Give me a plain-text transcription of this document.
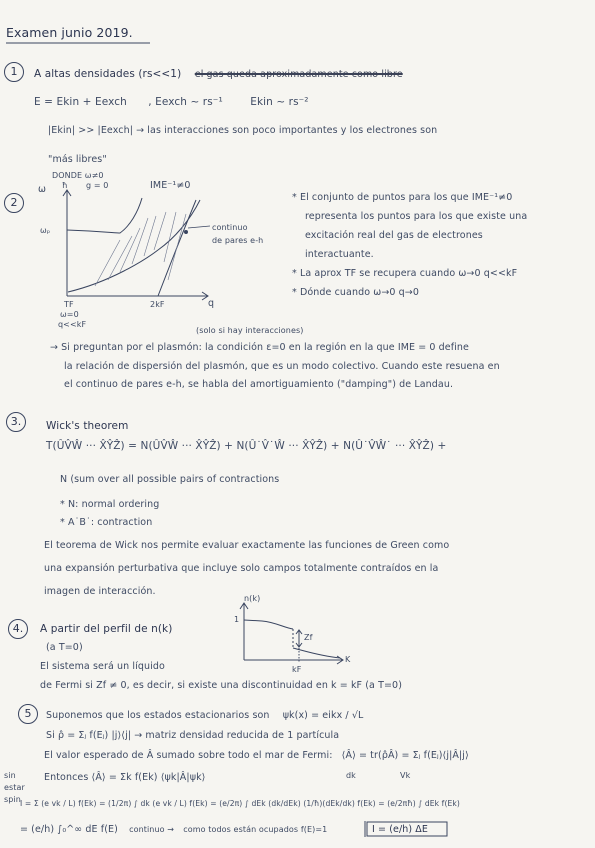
Examen junio 2019.
1	A altas densidades (rs<<1) el gas queda aproximadamente como libre
E = Ekin + Eexch , Eexch ~ rs⁻¹	Ekin ~ rs⁻²
|Ekin| >> |Eexch| → las interacciones son poco importantes y los electrones son
"más libres"
2
DONDE ω≠0
g = 0
ω ħ	IME⁻¹≠0
ωₚ	continuo
de pares e-h
TF
ω=0
q<<kF
2kF	q
* El conjunto de puntos para los que IME⁻¹≠0
representa los puntos para los que existe una
excitación real del gas de electrones
interactuante.
* La aprox TF se recupera cuando ω→0 q<<kF
* Dónde cuando ω→0 q→0
(solo si hay interacciones)
→ Si preguntan por el plasmón: la condición ε=0 en la región en la que IME = 0 define
la relación de dispersión del plasmón, que es un modo colectivo. Cuando este resuena en
el continuo de pares e-h, se habla del amortiguamiento ("damping") de Landau.
3.	Wick's theorem
T(ÛV̂Ŵ ··· X̂ŶẐ) = N(ÛV̂Ŵ ··· X̂ŶẐ) + N(Û˙V̂˙Ŵ ··· X̂ŶẐ) + N(Û˙V̂Ŵ˙ ··· X̂ŶẐ) +
N (sum over all possible pairs of contractions
* N: normal ordering
* A˙B˙: contraction
El teorema de Wick nos permite evaluar exactamente las funciones de Green como
una expansión perturbativa que incluye solo campos totalmente contraídos en la
imagen de interacción.
4.	A partir del perfil de n(k)
(a T=0)
El sistema será un líquido
de Fermi si Zf ≠ 0, es decir, si existe una discontinuidad en k = kF (a T=0)
n(k)
1
Zf
kF
K
5	Suponemos que los estados estacionarios son ψk(x) = eikx / √L
Si ρ̂ = Σⱼ f(Eⱼ) |j⟩⟨j| → matriz densidad reducida de 1 partícula
El valor esperado de Â sumado sobre todo el mar de Fermi: ⟨Â⟩ = tr(ρ̂Â) = Σⱼ f(Eⱼ)⟨j|Â|j⟩
sin estar spin
Entonces ⟨Â⟩ = Σk f(Ek) ⟨ψk|Â|ψk⟩	dk	Vk
I = Σ (e vk / L) f(Ek) = (1/2π) ∫ dk (e vk / L) f(Ek) = (e/2π) ∫ dEk (dk/dEk) (1/ħ)(dEk/dk) f(Ek) = (e/2πħ) ∫ dEk f(Ek)
= (e/h) ∫₀^∞ dE f(E) continuo → como todos están ocupados f(E)=1	I = (e/h) ΔE
